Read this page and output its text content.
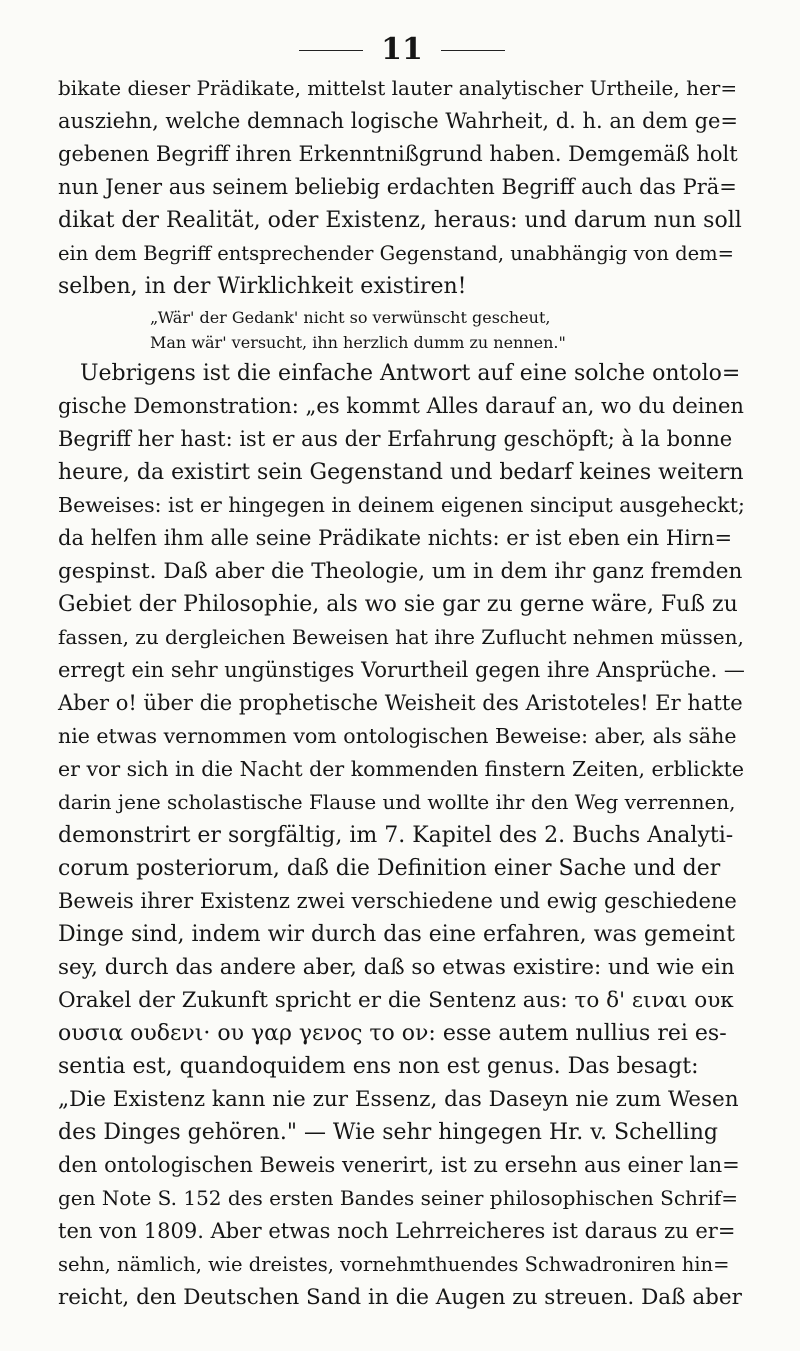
11
bikate dieser Prädikate, mittelst lauter analytischer Urtheile, her=
ausziehn, welche demnach logische Wahrheit, d. h. an dem ge=
gebenen Begriff ihren Erkenntnißgrund haben. Demgemäß holt
nun Jener aus seinem beliebig erdachten Begriff auch das Prä=
dikat der Realität, oder Existenz, heraus: und darum nun soll
ein dem Begriff entsprechender Gegenstand, unabhängig von dem=
selben, in der Wirklichkeit existiren!
„Wär' der Gedank' nicht so verwünscht gescheut,
Man wär' versucht, ihn herzlich dumm zu nennen."
Uebrigens ist die einfache Antwort auf eine solche ontolo=
gische Demonstration: „es kommt Alles darauf an, wo du deinen
Begriff her hast: ist er aus der Erfahrung geschöpft; à la bonne
heure, da existirt sein Gegenstand und bedarf keines weitern
Beweises: ist er hingegen in deinem eigenen sinciput ausgeheckt;
da helfen ihm alle seine Prädikate nichts: er ist eben ein Hirn=
gespinst. Daß aber die Theologie, um in dem ihr ganz fremden
Gebiet der Philosophie, als wo sie gar zu gerne wäre, Fuß zu
fassen, zu dergleichen Beweisen hat ihre Zuflucht nehmen müssen,
erregt ein sehr ungünstiges Vorurtheil gegen ihre Ansprüche. —
Aber o! über die prophetische Weisheit des Aristoteles! Er hatte
nie etwas vernommen vom ontologischen Beweise: aber, als sähe
er vor sich in die Nacht der kommenden finstern Zeiten, erblickte
darin jene scholastische Flause und wollte ihr den Weg verrennen,
demonstrirt er sorgfältig, im 7. Kapitel des 2. Buchs Analyti-
corum posteriorum, daß die Definition einer Sache und der
Beweis ihrer Existenz zwei verschiedene und ewig geschiedene
Dinge sind, indem wir durch das eine erfahren, was gemeint
sey, durch das andere aber, daß so etwas existire: und wie ein
Orakel der Zukunft spricht er die Sentenz aus: το δ' ειναι ουκ
ουσια ουδενι· ου γαρ γενος το ον: esse autem nullius rei es-
sentia est, quandoquidem ens non est genus. Das besagt:
„Die Existenz kann nie zur Essenz, das Daseyn nie zum Wesen
des Dinges gehören." — Wie sehr hingegen Hr. v. Schelling
den ontologischen Beweis venerirt, ist zu ersehn aus einer lan=
gen Note S. 152 des ersten Bandes seiner philosophischen Schrif=
ten von 1809. Aber etwas noch Lehrreicheres ist daraus zu er=
sehn, nämlich, wie dreistes, vornehmthuendes Schwadroniren hin=
reicht, den Deutschen Sand in die Augen zu streuen. Daß aber
